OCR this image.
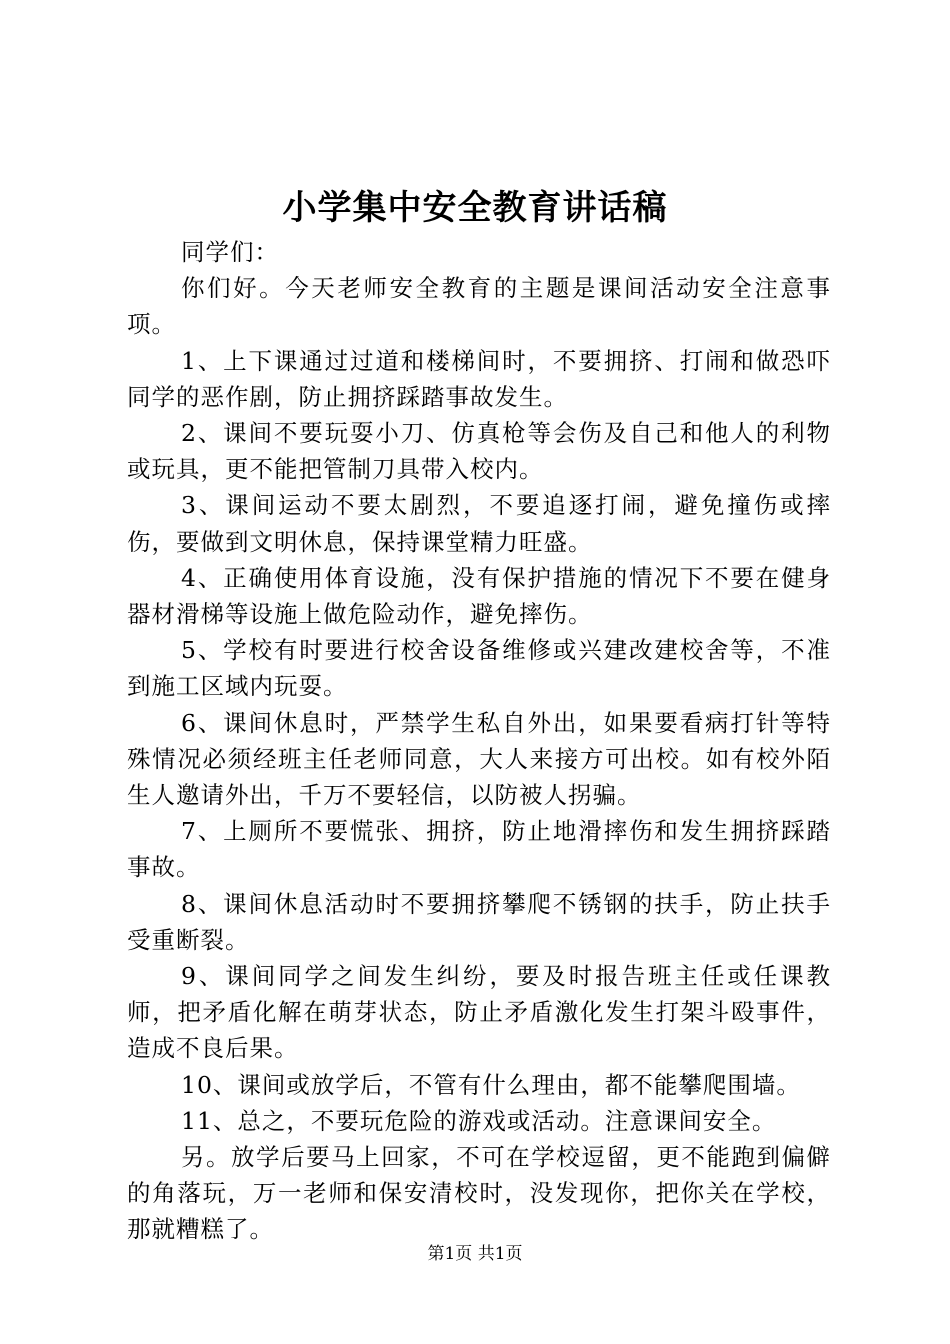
小学集中安全教育讲话稿

同学们：

你们好。今天老师安全教育的主题是课间活动安全注意事项。

1、上下课通过过道和楼梯间时，不要拥挤、打闹和做恐吓同学的恶作剧，防止拥挤踩踏事故发生。

2、课间不要玩耍小刀、仿真枪等会伤及自己和他人的利物或玩具，更不能把管制刀具带入校内。

3、课间运动不要太剧烈，不要追逐打闹，避免撞伤或摔伤，要做到文明休息，保持课堂精力旺盛。

4、正确使用体育设施，没有保护措施的情况下不要在健身器材滑梯等设施上做危险动作，避免摔伤。

5、学校有时要进行校舍设备维修或兴建改建校舍等，不准到施工区域内玩耍。

6、课间休息时，严禁学生私自外出，如果要看病打针等特殊情况必须经班主任老师同意，大人来接方可出校。如有校外陌生人邀请外出，千万不要轻信，以防被人拐骗。

7、上厕所不要慌张、拥挤，防止地滑摔伤和发生拥挤踩踏事故。

8、课间休息活动时不要拥挤攀爬不锈钢的扶手，防止扶手受重断裂。

9、课间同学之间发生纠纷，要及时报告班主任或任课教师，把矛盾化解在萌芽状态，防止矛盾激化发生打架斗殴事件，造成不良后果。

10、课间或放学后，不管有什么理由，都不能攀爬围墙。

11、总之，不要玩危险的游戏或活动。注意课间安全。

另。放学后要马上回家，不可在学校逗留，更不能跑到偏僻的角落玩，万一老师和保安清校时，没发现你，把你关在学校，那就糟糕了。

第1页 共1页
